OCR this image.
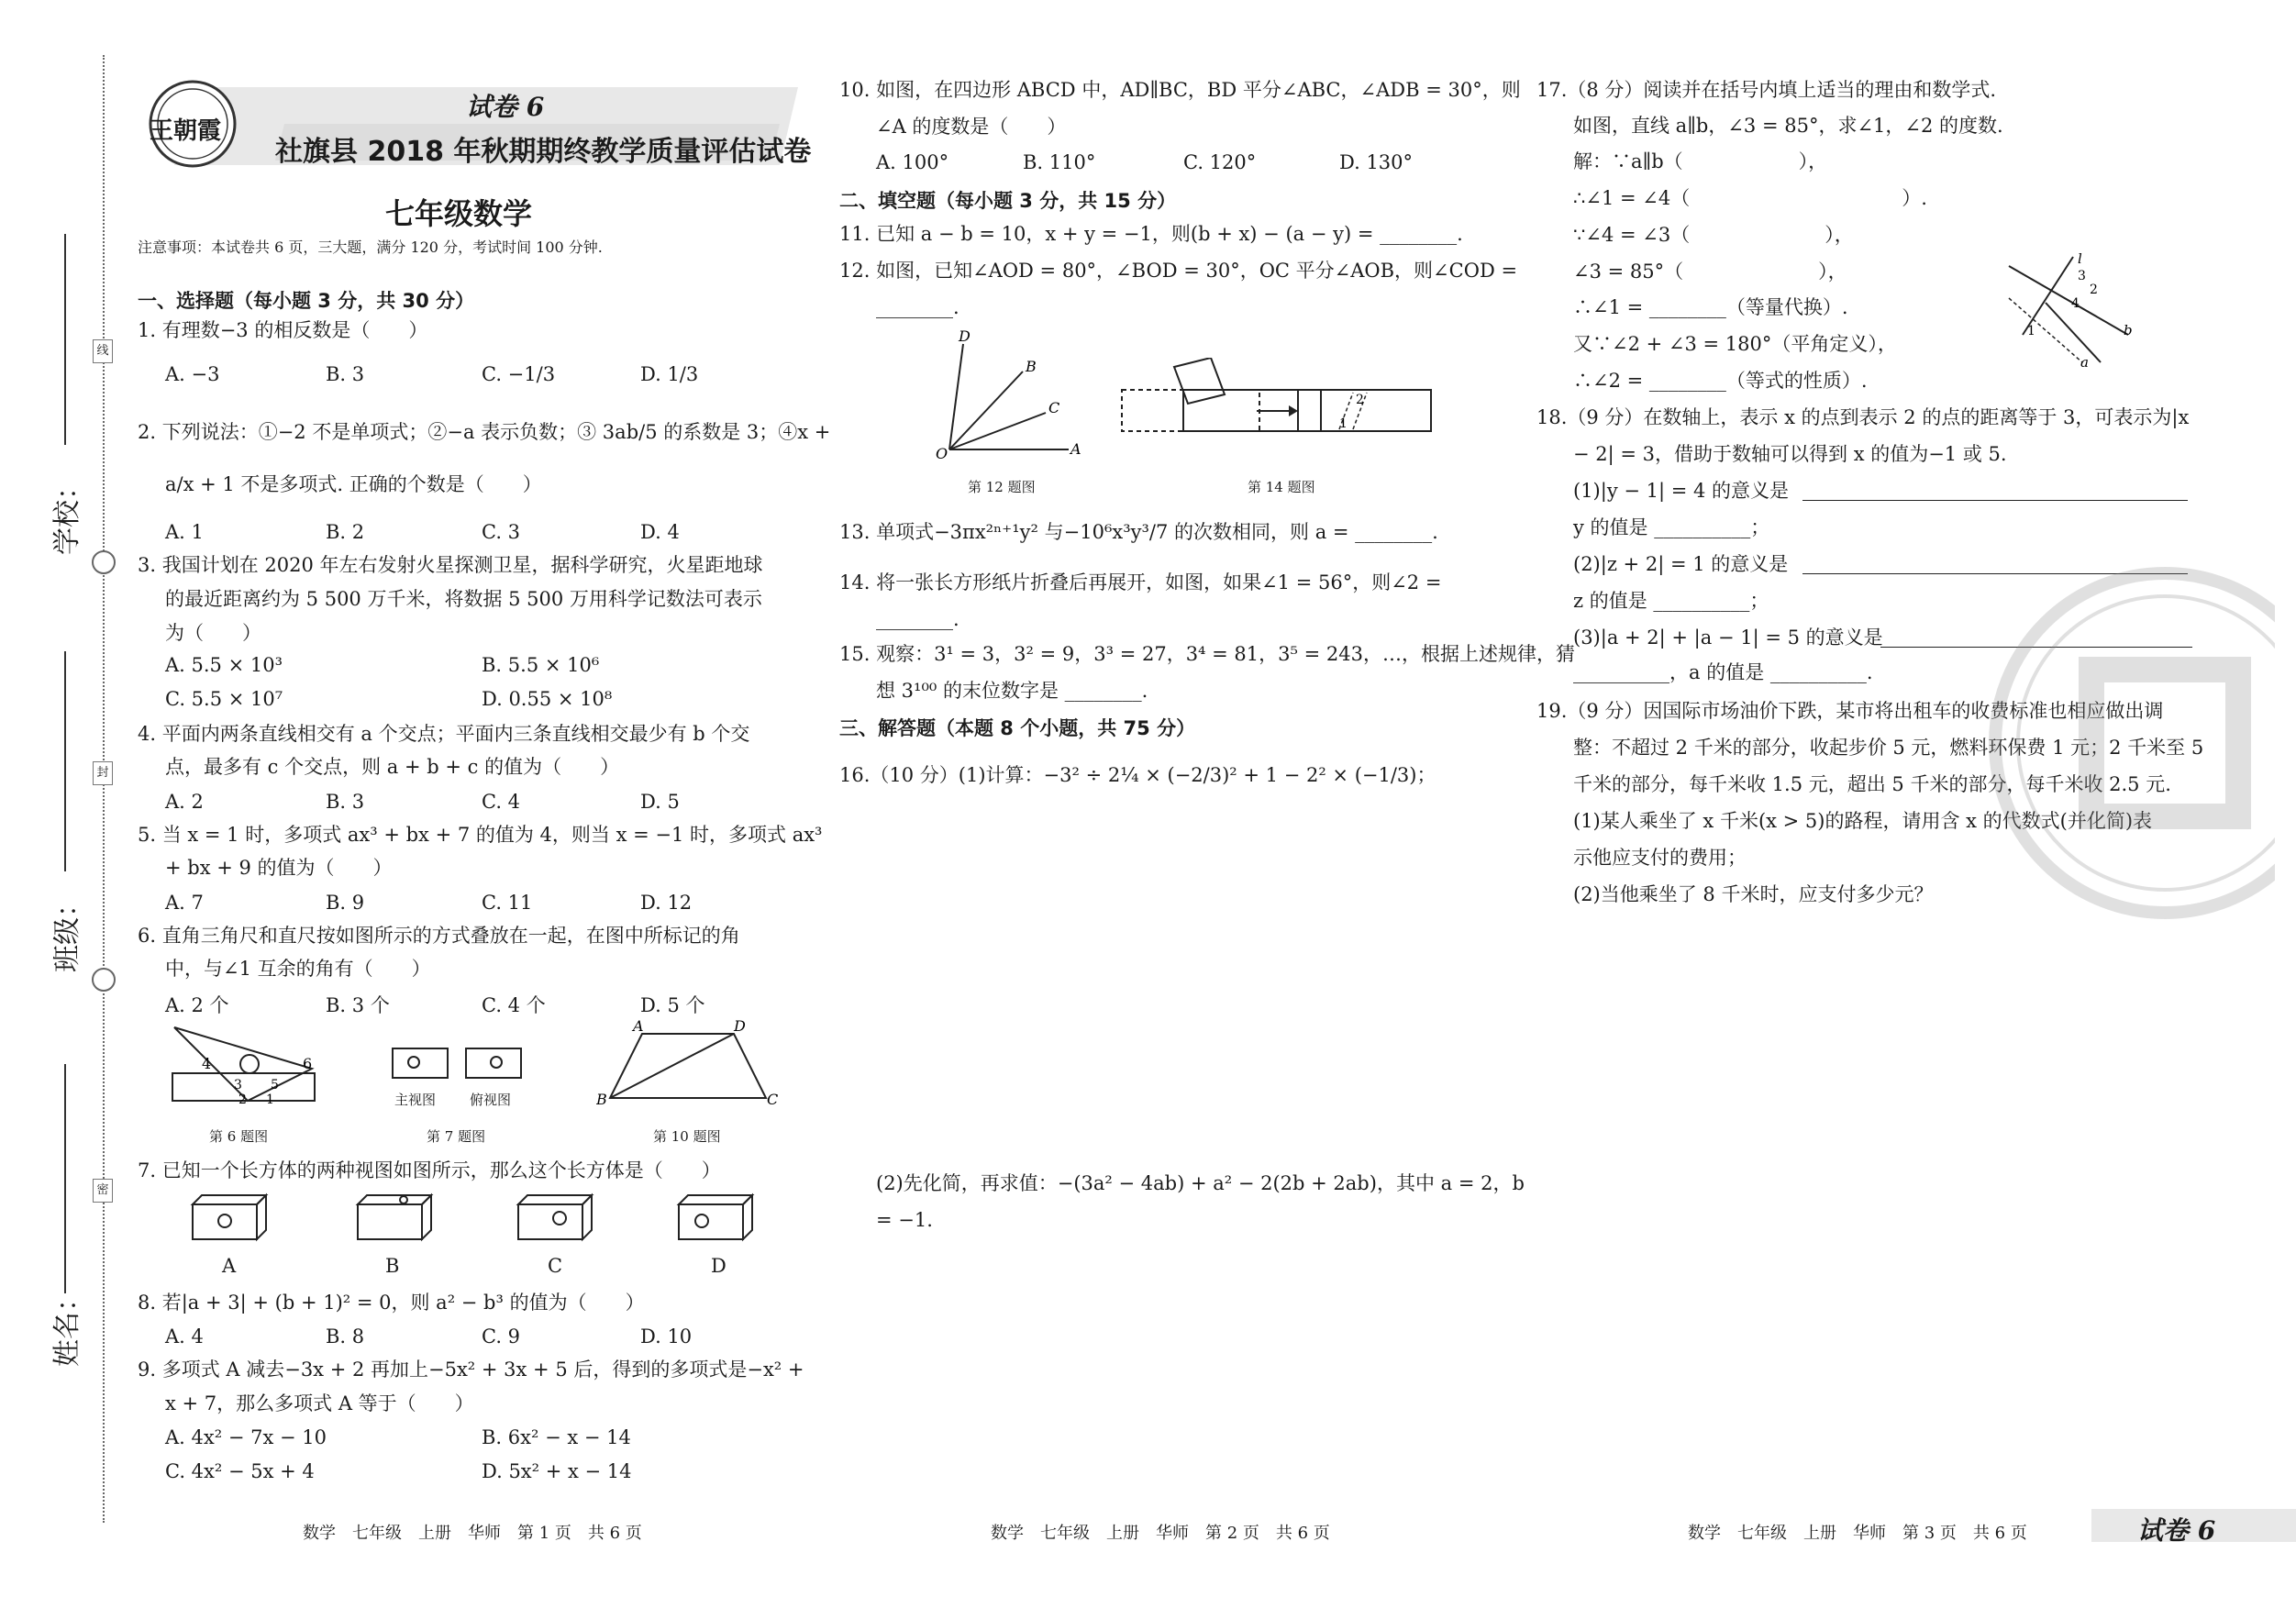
学校：
班级：
姓名：
线
封
密
王朝霞
试卷 6
社旗县 2018 年秋期期终教学质量评估试卷
七年级数学
注意事项：本试卷共 6 页，三大题，满分 120 分，考试时间 100 分钟.
一、选择题（每小题 3 分，共 30 分）
1. 有理数−3 的相反数是（　　）
A. −3	B. 3	C. −1/3	D. 1/3
2. 下列说法：①−2 不是单项式；②−a 表示负数；③ 3ab/5 的系数是 3；④x +
a/x + 1 不是多项式. 正确的个数是（　　）
A. 1	B. 2	C. 3	D. 4
3. 我国计划在 2020 年左右发射火星探测卫星，据科学研究，火星距地球
的最近距离约为 5 500 万千米，将数据 5 500 万用科学记数法可表示
为（　　）
A. 5.5 × 10³	B. 5.5 × 10⁶
C. 5.5 × 10⁷	D. 0.55 × 10⁸
4. 平面内两条直线相交有 a 个交点；平面内三条直线相交最少有 b 个交
点，最多有 c 个交点，则 a + b + c 的值为（　　）
A. 2	B. 3	C. 4	D. 5
5. 当 x = 1 时，多项式 ax³ + bx + 7 的值为 4，则当 x = −1 时，多项式 ax³
+ bx + 9 的值为（　　）
A. 7	B. 9	C. 11	D. 12
6. 直角三角尺和直尺按如图所示的方式叠放在一起，在图中所标记的角
中，与∠1 互余的角有（　　）
A. 2 个	B. 3 个	C. 4 个	D. 5 个
4	6
3 5
2 1	主视图 俯视图
A	D
B	C
第 6 题图	第 7 题图	第 10 题图
7. 已知一个长方体的两种视图如图所示，那么这个长方体是（　　）
A	B	C	D
8. 若|a + 3| + (b + 1)² = 0，则 a² − b³ 的值为（　　）
A. 4	B. 8	C. 9	D. 10
9. 多项式 A 减去−3x + 2 再加上−5x² + 3x + 5 后，得到的多项式是−x² +
x + 7，那么多项式 A 等于（　　）
A. 4x² − 7x − 10	B. 6x² − x − 14
C. 4x² − 5x + 4	D. 5x² + x − 14
10. 如图，在四边形 ABCD 中，AD∥BC，BD 平分∠ABC，∠ADB = 30°，则
∠A 的度数是（　　）
A. 100°	B. 110°	C. 120°	D. 130°
二、填空题（每小题 3 分，共 15 分）
11. 已知 a − b = 10，x + y = −1，则(b + x) − (a − y) = ________.
12. 如图，已知∠AOD = 80°，∠BOD = 30°，OC 平分∠AOB，则∠COD =
________.
O	A
D
B
C	2
1
第 12 题图	第 14 题图
13. 单项式−3πx²ⁿ⁺¹y² 与−10⁶x³y³/7 的次数相同，则 a = ________.
14. 将一张长方形纸片折叠后再展开，如图，如果∠1 = 56°，则∠2 =
________.
15. 观察：3¹ = 3，3² = 9，3³ = 27，3⁴ = 81，3⁵ = 243，…，根据上述规律，猜
想 3¹⁰⁰ 的末位数字是 ________.
三、解答题（本题 8 个小题，共 75 分）
16.（10 分）(1)计算：−3² ÷ 2¼ × (−2/3)² + 1 − 2² × (−1/3)；
(2)先化简，再求值：−(3a² − 4ab) + a² − 2(2b + 2ab)，其中 a = 2，b
= −1.
17.（8 分）阅读并在括号内填上适当的理由和数学式.
如图，直线 a∥b，∠3 = 85°，求∠1，∠2 的度数.
解：∵a∥b（　　　　　　），
∴∠1 = ∠4（　　　　　　　　　　　）.
∵∠4 = ∠3（　　　　　　　），
∠3 = 85°（　　　　　　　），
∴∠1 = ________（等量代换）.
又∵∠2 + ∠3 = 180°（平角定义），
∴∠2 = ________（等式的性质）.
l
3
2
4
1	b
a
18.（9 分）在数轴上，表示 x 的点到表示 2 的点的距离等于 3，可表示为|x
− 2| = 3，借助于数轴可以得到 x 的值为−1 或 5.
(1)|y − 1| = 4 的意义是
y 的值是 __________；
(2)|z + 2| = 1 的意义是
z 的值是 __________；
(3)|a + 2| + |a − 1| = 5 的意义是
__________，a 的值是 __________.
19.（9 分）因国际市场油价下跌，某市将出租车的收费标准也相应做出调
整：不超过 2 千米的部分，收起步价 5 元，燃料环保费 1 元；2 千米至 5
千米的部分，每千米收 1.5 元，超出 5 千米的部分，每千米收 2.5 元.
(1)某人乘坐了 x 千米(x > 5)的路程，请用含 x 的代数式(并化简)表
示他应支付的费用；
(2)当他乘坐了 8 千米时，应支付多少元？
数学　七年级　上册　华师　第 1 页　共 6 页	数学　七年级　上册　华师　第 2 页　共 6 页	数学　七年级　上册　华师　第 3 页　共 6 页	试卷 6
